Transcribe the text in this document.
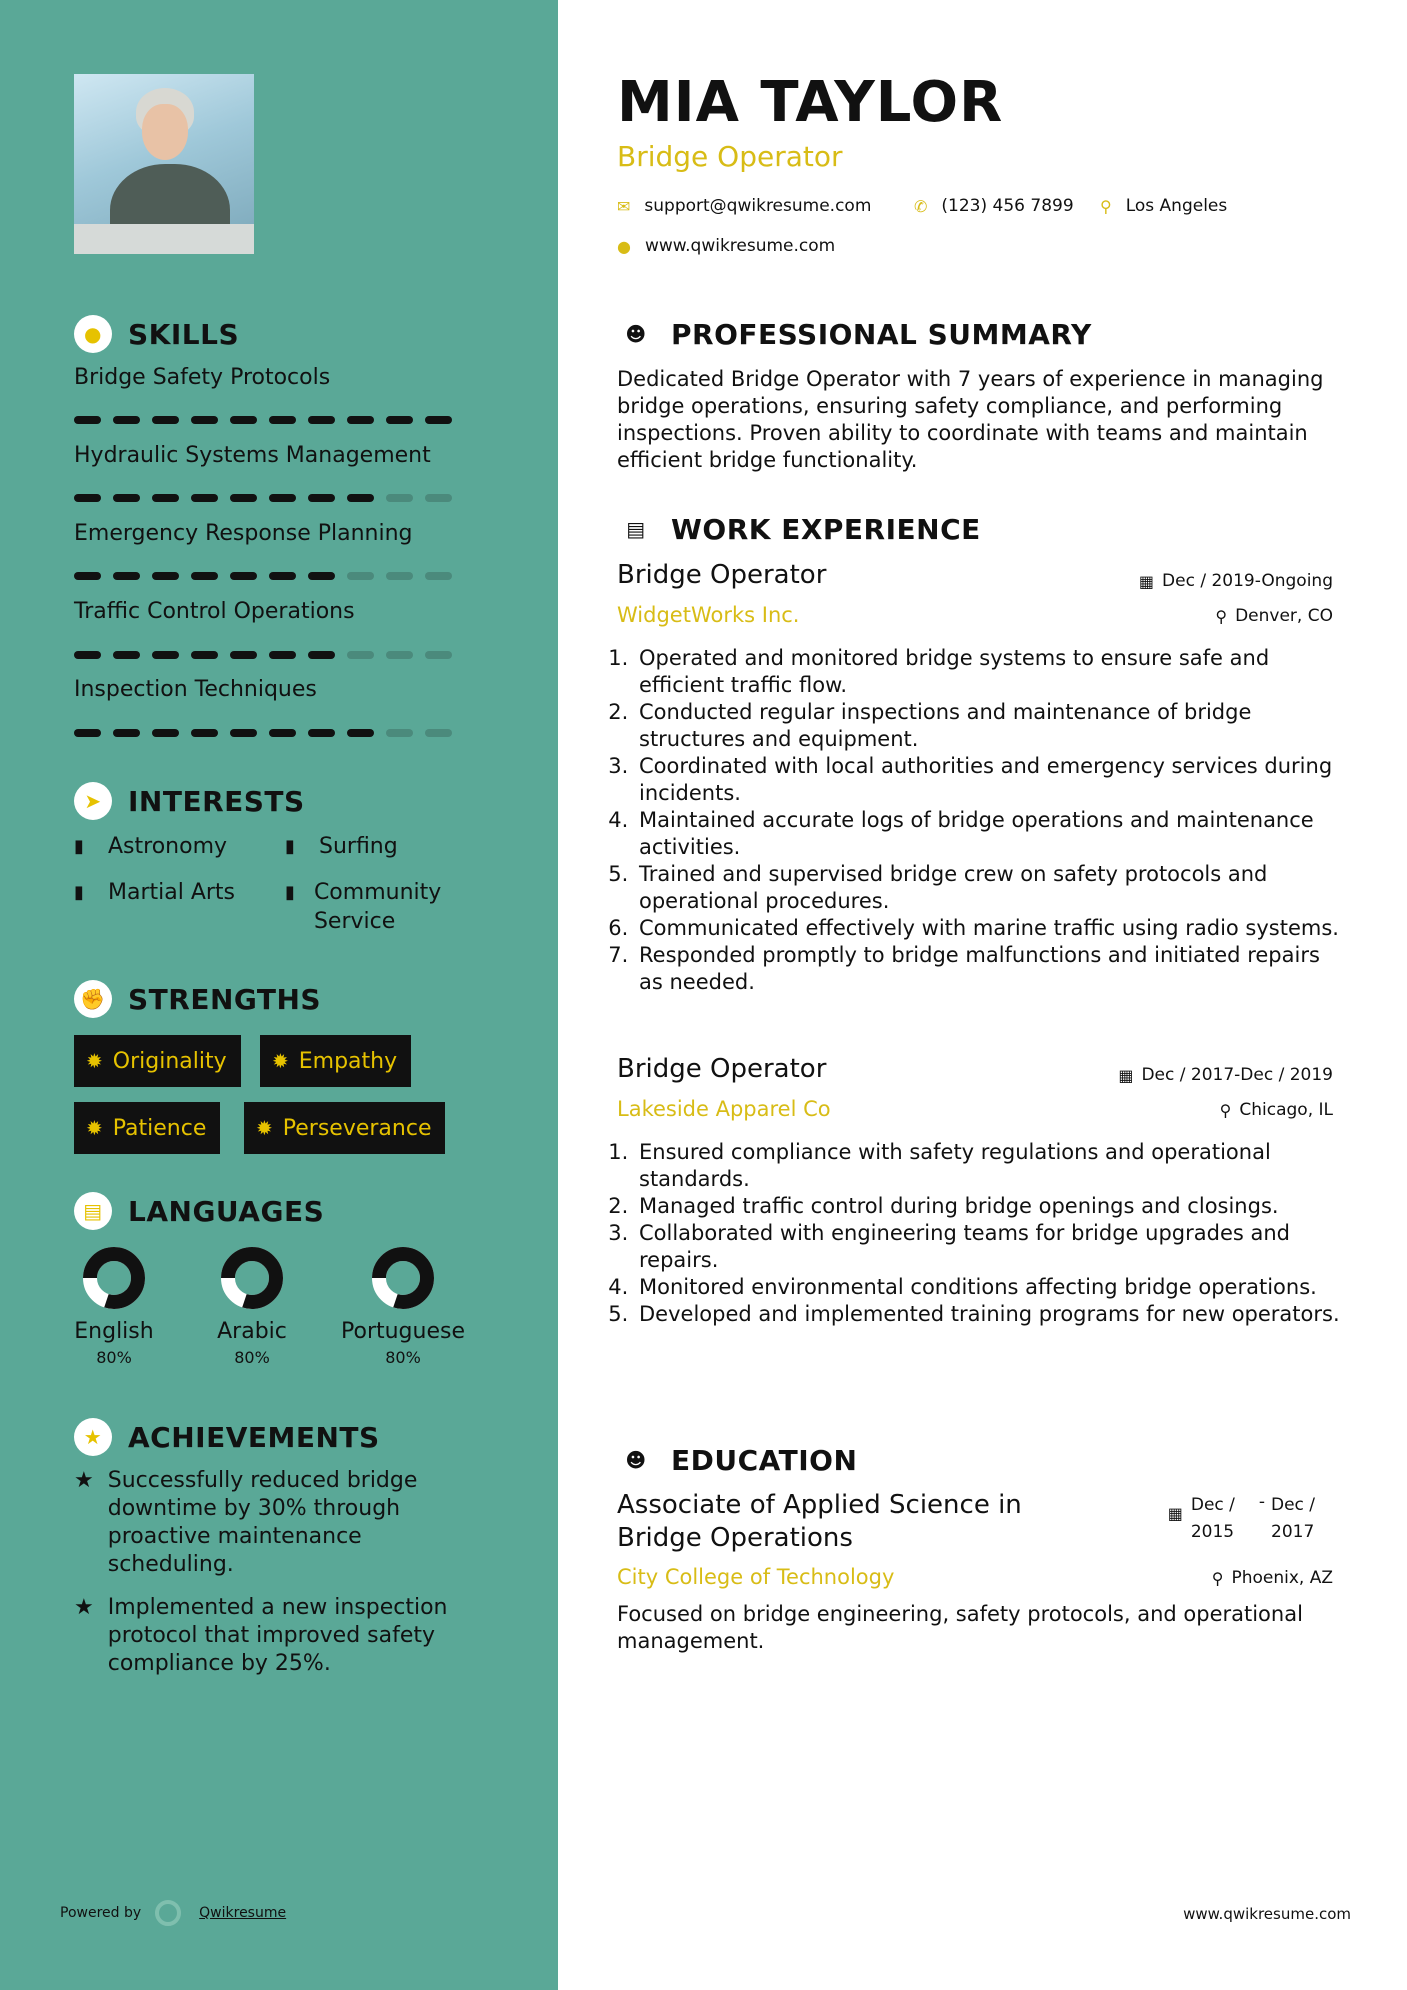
● SKILLS
Bridge Safety Protocols
Hydraulic Systems Management
Emergency Response Planning
Traffic Control Operations
Inspection Techniques
➤ INTERESTS
▮	Astronomy	▮	Surfing
▮	Martial Arts	▮ Community Service
✊ STRENGTHS
✹ Originality ✹ Empathy
✹ Patience ✹ Perseverance
▤ LANGUAGES
English
80%
Arabic
80%
Portuguese
80%
★ ACHIEVEMENTS
★ Successfully reduced bridge downtime by 30% through proactive maintenance scheduling.
★ Implemented a new inspection protocol that improved safety compliance by 25%.
Powered by	Qwikresume
MIA TAYLOR
Bridge Operator
✉ support@qwikresume.com	✆ (123) 456 7899 ⚲ Los Angeles
● www.qwikresume.com
☻ PROFESSIONAL SUMMARY
Dedicated Bridge Operator with 7 years of experience in managing bridge operations, ensuring safety compliance, and performing inspections. Proven ability to coordinate with teams and maintain efficient bridge functionality.
▤ WORK EXPERIENCE
Bridge Operator	▦ Dec / 2019-Ongoing
WidgetWorks Inc.	⚲ Denver, CO
1. Operated and monitored bridge systems to ensure safe and efficient traffic flow.
2. Conducted regular inspections and maintenance of bridge structures and equipment.
3. Coordinated with local authorities and emergency services during incidents.
4. Maintained accurate logs of bridge operations and maintenance activities.
5. Trained and supervised bridge crew on safety protocols and operational procedures.
6. Communicated effectively with marine traffic using radio systems.
7. Responded promptly to bridge malfunctions and initiated repairs as needed.
Bridge Operator	▦ Dec / 2017-Dec / 2019
Lakeside Apparel Co	⚲ Chicago, IL
1. Ensured compliance with safety regulations and operational standards.
2. Managed traffic control during bridge openings and closings.
3. Collaborated with engineering teams for bridge upgrades and repairs.
4. Monitored environmental conditions affecting bridge operations.
5. Developed and implemented training programs for new operators.
☻ EDUCATION
Associate of Applied Science in Bridge Operations
▦ Dec / 2015
- Dec / 2017
City College of Technology	⚲ Phoenix, AZ
Focused on bridge engineering, safety protocols, and operational management.
www.qwikresume.com
